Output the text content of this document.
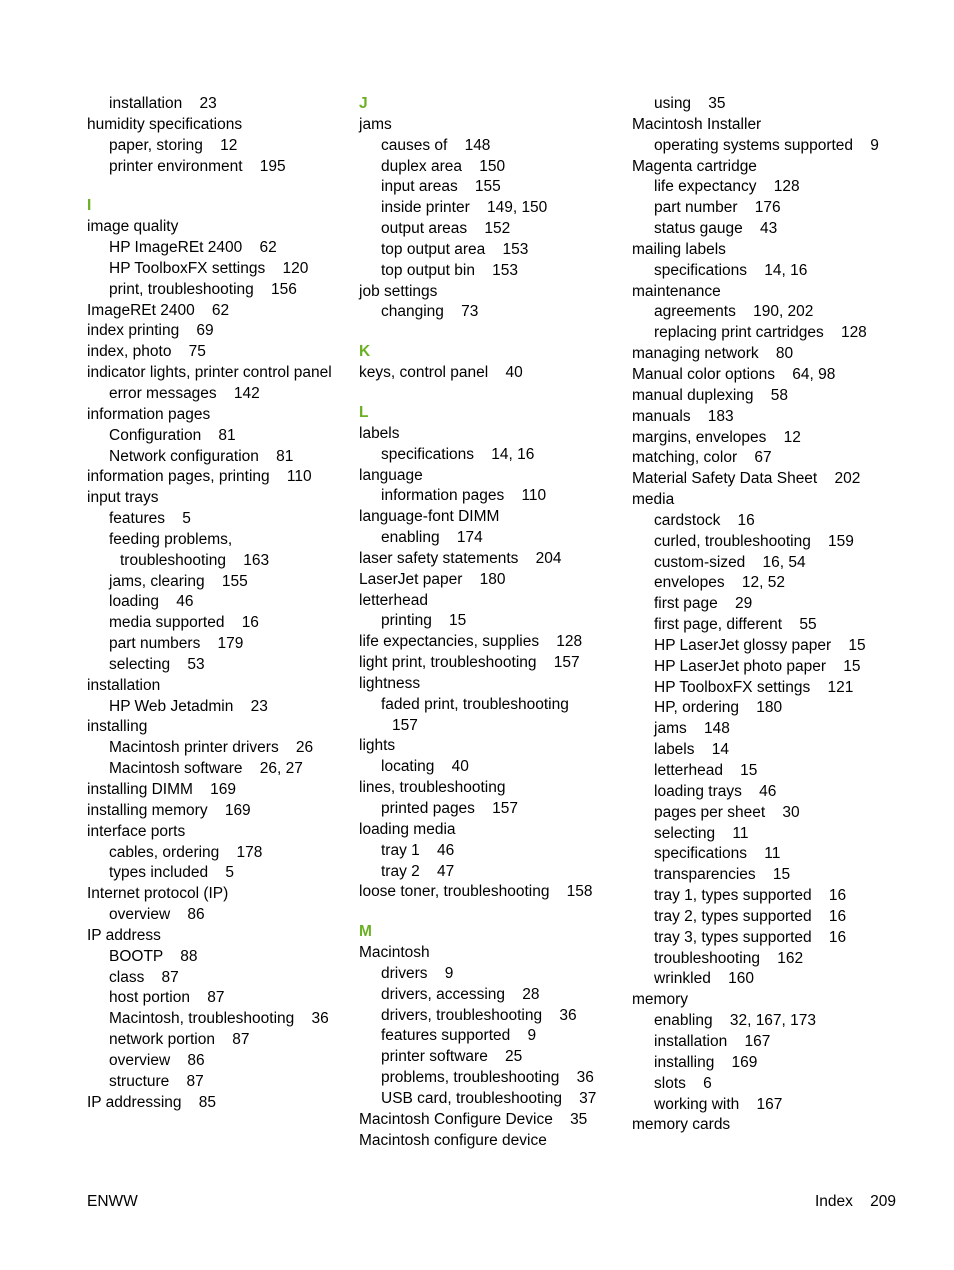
installation    23
humidity specifications
paper, storing    12
printer environment    195
I
image quality
HP ImageREt 2400    62
HP ToolboxFX settings    120
print, troubleshooting    156
ImageREt 2400    62
index printing    69
index, photo    75
indicator lights, printer control panel
error messages    142
information pages
Configuration    81
Network configuration    81
information pages, printing    110
input trays
features    5
feeding problems,
troubleshooting    163
jams, clearing    155
loading    46
media supported    16
part numbers    179
selecting    53
installation
HP Web Jetadmin    23
installing
Macintosh printer drivers    26
Macintosh software    26, 27
installing DIMM    169
installing memory    169
interface ports
cables, ordering    178
types included    5
Internet protocol (IP)
overview    86
IP address
BOOTP    88
class    87
host portion    87
Macintosh, troubleshooting    36
network portion    87
overview    86
structure    87
IP addressing    85
J
jams
causes of    148
duplex area    150
input areas    155
inside printer    149, 150
output areas    152
top output area    153
top output bin    153
job settings
changing    73
K
keys, control panel    40
L
labels
specifications    14, 16
language
information pages    110
language-font DIMM
enabling    174
laser safety statements    204
LaserJet paper    180
letterhead
printing    15
life expectancies, supplies    128
light print, troubleshooting    157
lightness
faded print, troubleshooting
157
lights
locating    40
lines, troubleshooting
printed pages    157
loading media
tray 1    46
tray 2    47
loose toner, troubleshooting    158
M
Macintosh
drivers    9
drivers, accessing    28
drivers, troubleshooting    36
features supported    9
printer software    25
problems, troubleshooting    36
USB card, troubleshooting    37
Macintosh Configure Device    35
Macintosh configure device
using    35
Macintosh Installer
operating systems supported    9
Magenta cartridge
life expectancy    128
part number    176
status gauge    43
mailing labels
specifications    14, 16
maintenance
agreements    190, 202
replacing print cartridges    128
managing network    80
Manual color options    64, 98
manual duplexing    58
manuals    183
margins, envelopes    12
matching, color    67
Material Safety Data Sheet    202
media
cardstock    16
curled, troubleshooting    159
custom-sized    16, 54
envelopes    12, 52
first page    29
first page, different    55
HP LaserJet glossy paper    15
HP LaserJet photo paper    15
HP ToolboxFX settings    121
HP, ordering    180
jams    148
labels    14
letterhead    15
loading trays    46
pages per sheet    30
selecting    11
specifications    11
transparencies    15
tray 1, types supported    16
tray 2, types supported    16
tray 3, types supported    16
troubleshooting    162
wrinkled    160
memory
enabling    32, 167, 173
installation    167
installing    169
slots    6
working with    167
memory cards
ENWW	Index    209
